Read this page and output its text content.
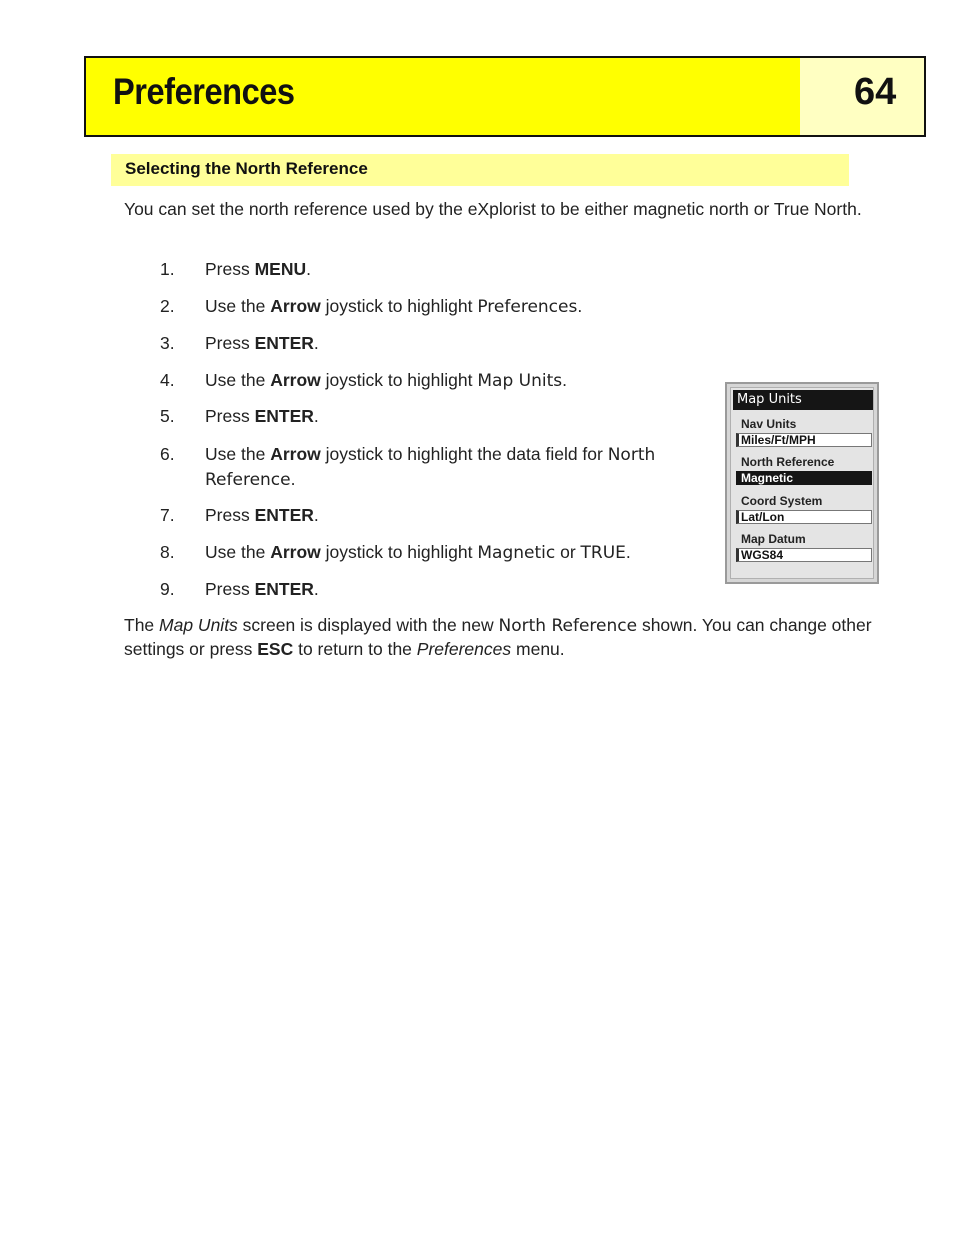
Preferences	64
Selecting the North Reference
You can set the north reference used by the eXplorist to be either magnetic north or True North.
1.	Press MENU.
2.	Use the Arrow joystick to highlight Preferences.
3.	Press ENTER.
4.	Use the Arrow joystick to highlight Map Units.
5.	Press ENTER.
6.	Use the Arrow joystick to highlight the data field for North
Reference.
7.	Press ENTER.
8.	Use the Arrow joystick to highlight Magnetic or TRUE.
9.	Press ENTER.
Map Units
Nav Units
Miles/Ft/MPH
North Reference
Magnetic
Coord System
Lat/Lon
Map Datum
WGS84
The Map Units screen is displayed with the new North Reference shown. You can change other settings or press ESC to return to the Preferences menu.
